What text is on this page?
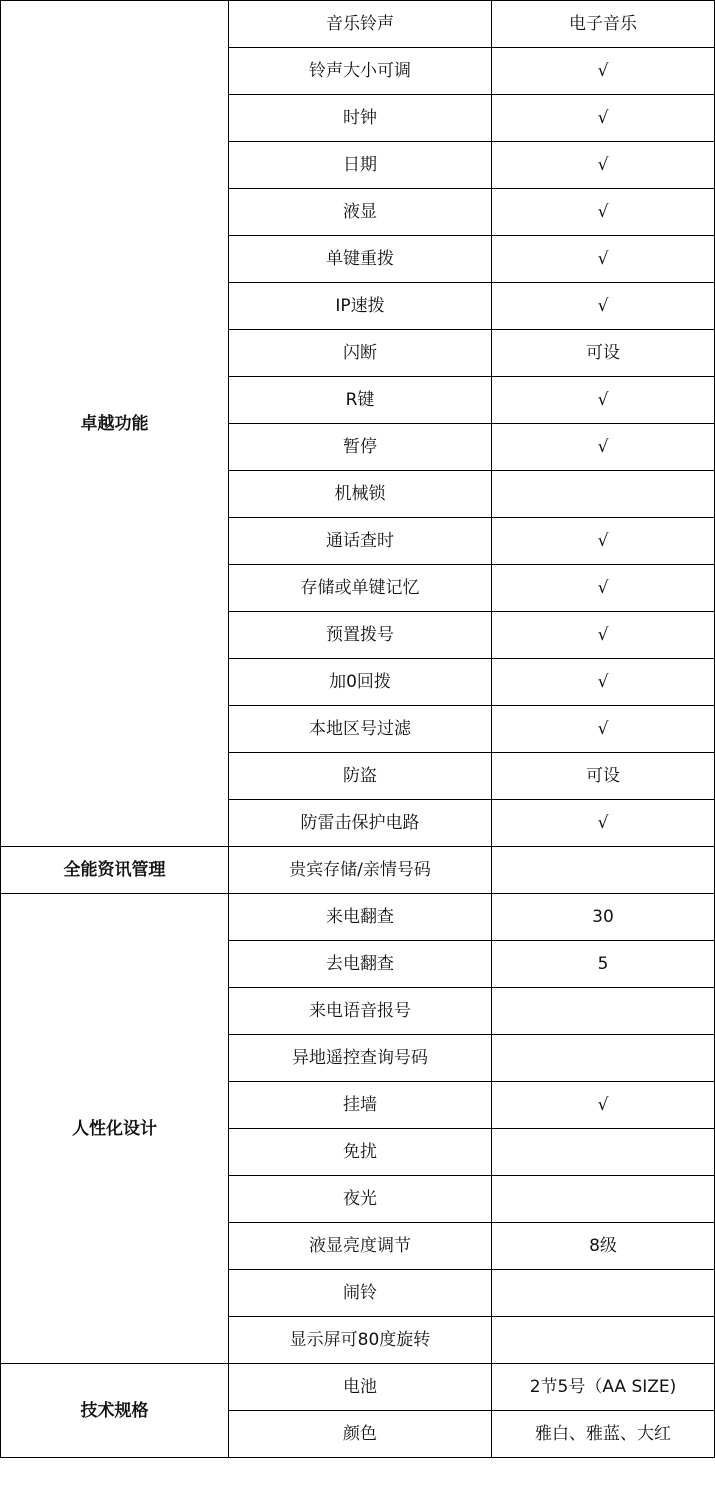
卓越功能	音乐铃声	电子音乐
	铃声大小可调	√
	时钟	√
	日期	√
	液显	√
	单键重拨	√
	IP速拨	√
	闪断	可设
	R键	√
	暂停	√
	机械锁	
	通话查时	√
	存储或单键记忆	√
	预置拨号	√
	加0回拨	√
	本地区号过滤	√
	防盗	可设
	防雷击保护电路	√
全能资讯管理	贵宾存储/亲情号码	
人性化设计	来电翻查	30
	去电翻查	5
	来电语音报号	
	异地遥控查询号码	
	挂墙	√
	免扰	
	夜光	
	液显亮度调节	8级
	闹铃	
	显示屏可80度旋转	
技术规格	电池	2节5号（AA SIZE)
	颜色	雅白、雅蓝、大红
